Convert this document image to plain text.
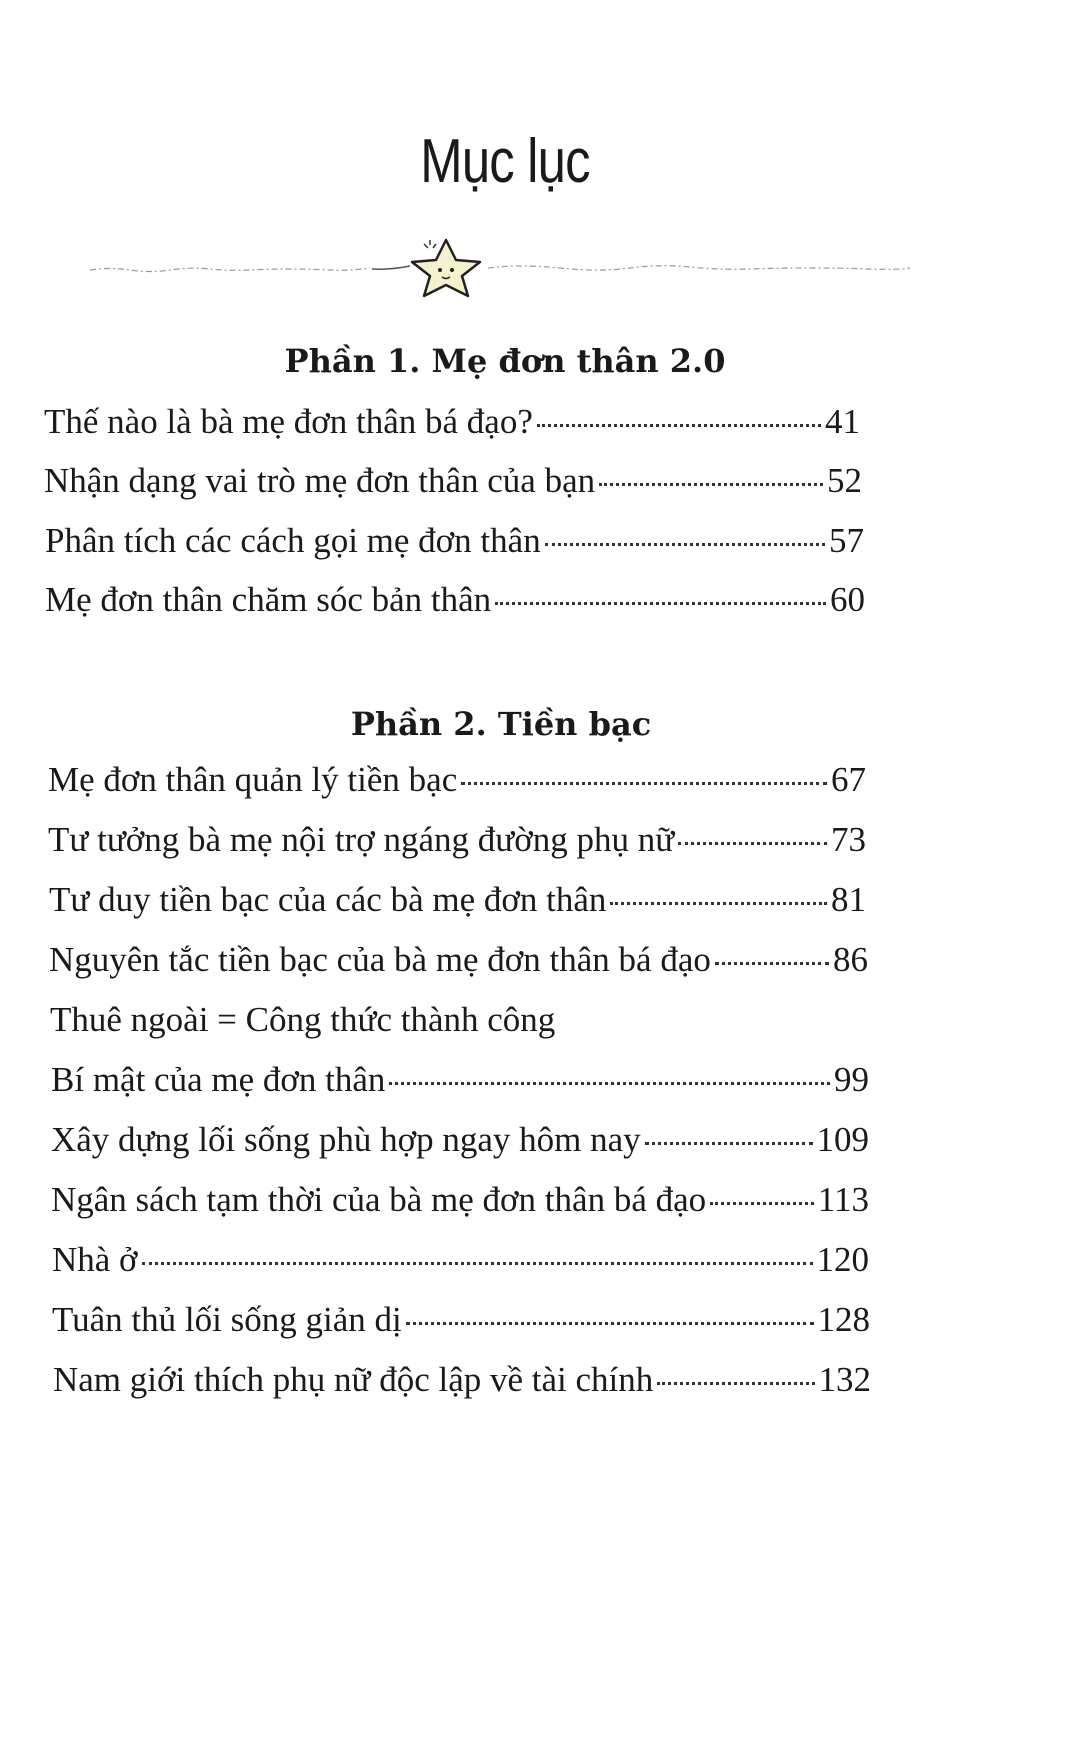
Mục lục
Phần 1. Mẹ đơn thân 2.0
Thế nào là bà mẹ đơn thân bá đạo?	41
Nhận dạng vai trò mẹ đơn thân của bạn	52
Phân tích các cách gọi mẹ đơn thân	57
Mẹ đơn thân chăm sóc bản thân	60
Phần 2. Tiền bạc
Mẹ đơn thân quản lý tiền bạc	67
Tư tưởng bà mẹ nội trợ ngáng đường phụ nữ	73
Tư duy tiền bạc của các bà mẹ đơn thân	81
Nguyên tắc tiền bạc của bà mẹ đơn thân bá đạo	86
Thuê ngoài = Công thức thành công
Bí mật của mẹ đơn thân	99
Xây dựng lối sống phù hợp ngay hôm nay	109
Ngân sách tạm thời của bà mẹ đơn thân bá đạo	113
Nhà ở	120
Tuân thủ lối sống giản dị	128
Nam giới thích phụ nữ độc lập về tài chính	132
